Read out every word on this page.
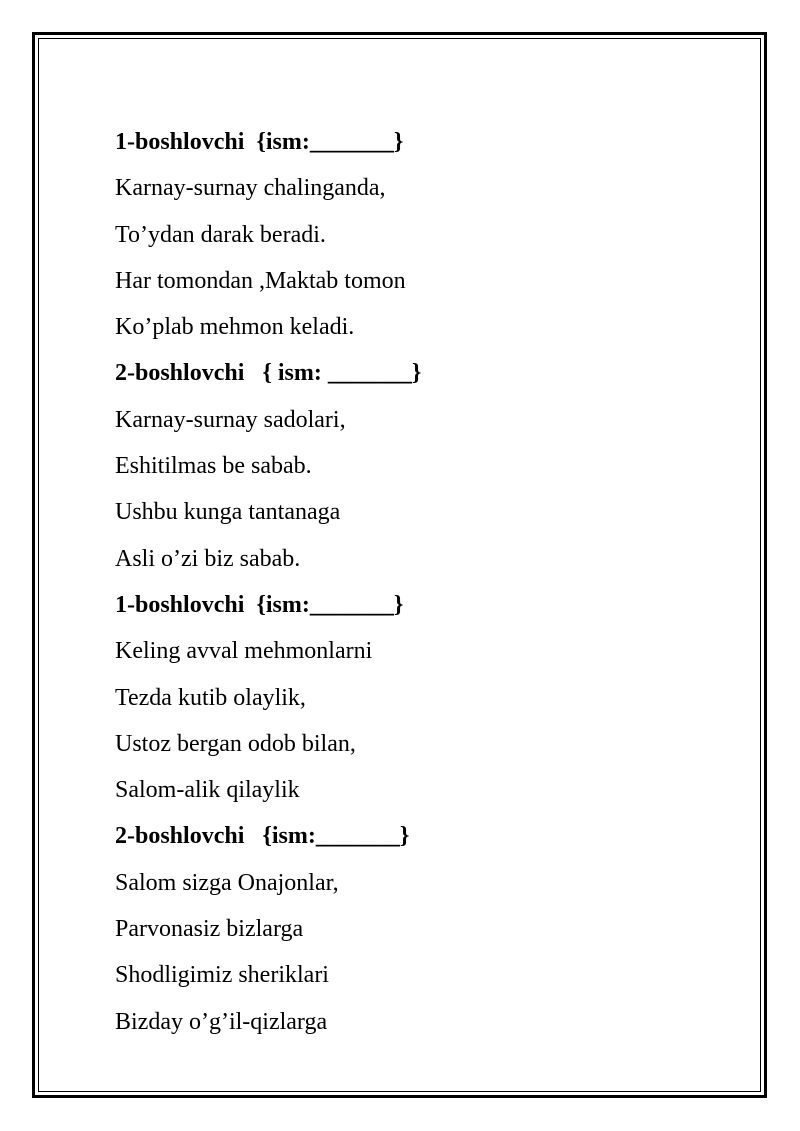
1-boshlovchi  {ism:_______}
Karnay-surnay chalinganda,
To’ydan darak beradi.
Har tomondan ,Maktab tomon
Ko’plab mehmon keladi.
2-boshlovchi   { ism: _______}
Karnay-surnay sadolari,
Eshitilmas be sabab.
Ushbu kunga tantanaga
Asli o’zi biz sabab.
1-boshlovchi  {ism:_______}
Keling avval mehmonlarni
Tezda kutib olaylik,
Ustoz bergan odob bilan,
Salom-alik qilaylik
2-boshlovchi   {ism:_______}
Salom sizga Onajonlar,
Parvonasiz bizlarga
Shodligimiz sheriklari
Bizday o’g’il-qizlarga
